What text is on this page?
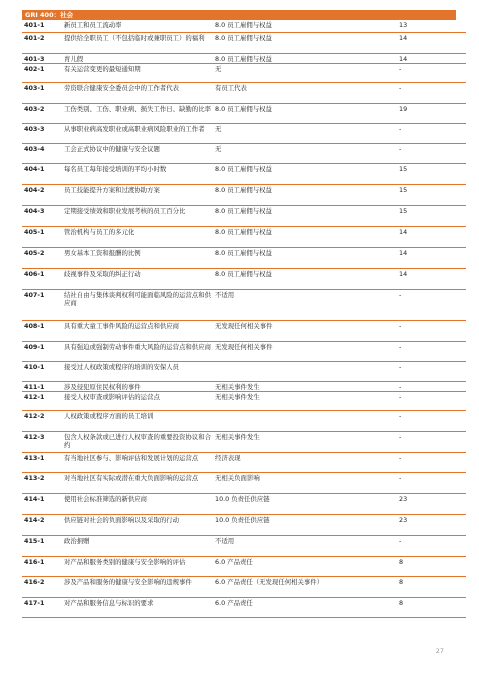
GRI 400：社会
401-1	新员工和员工流动率	8.0 员工雇佣与权益	13
401-2	提供给全职员工（不包括临时或兼职员工）的福利	8.0 员工雇佣与权益	14
401-3	育儿假	8.0 员工雇佣与权益	14
402-1	有关运营变更的最短通知期	无	-
403-1	劳资联合健康安全委员会中的工作者代表	有员工代表	-
403-2	工伤类别、工伤、职业病、损失工作日、缺勤的比率	8.0 员工雇佣与权益	19
403-3	从事职业病高发职业或高职业病风险职业的工作者	无	-
403-4	工会正式协议中的健康与安全议题	无	-
404-1	每名员工每年接受培训的平均小时数	8.0 员工雇佣与权益	15
404-2	员工技能提升方案和过渡协助方案	8.0 员工雇佣与权益	15
404-3	定期接受绩效和职业发展考核的员工百分比	8.0 员工雇佣与权益	15
405-1	管治机构与员工的多元化	8.0 员工雇佣与权益	14
405-2	男女基本工资和报酬的比例	8.0 员工雇佣与权益	14
406-1	歧视事件及采取的纠正行动	8.0 员工雇佣与权益	14
407-1	结社自由与集体谈判权利可能面临风险的运营点和供应商	不适用	-
408-1	具有重大童工事件风险的运营点和供应商	无发现任何相关事件	-
409-1	具有强迫或强制劳动事件重大风险的运营点和供应商	无发现任何相关事件	-
410-1	接受过人权政策或程序的培训的安保人员		-
411-1	涉及侵犯原住民权利的事件	无相关事件发生	-
412-1	接受人权审查或影响评估的运营点	无相关事件发生	-
412-2	人权政策或程序方面的员工培训		-
412-3	包含人权条款或已进行人权审查的重要投资协议和合约	无相关事件发生	-
413-1	有当地社区参与、影响评估和发展计划的运营点	经济表现	-
413-2	对当地社区有实际或潜在重大负面影响的运营点	无相关负面影响	-
414-1	使用社会标准筛选的新供应商	10.0 负责任供应链	23
414-2	供应链对社会的负面影响以及采取的行动	10.0 负责任供应链	23
415-1	政治捐赠	不适用	-
416-1	对产品和服务类别的健康与安全影响的评估	6.0 产品责任	8
416-2	涉及产品和服务的健康与安全影响的违规事件	6.0 产品责任（无发现任何相关事件）	8
417-1	对产品和服务信息与标识的要求	6.0 产品责任	8
27
